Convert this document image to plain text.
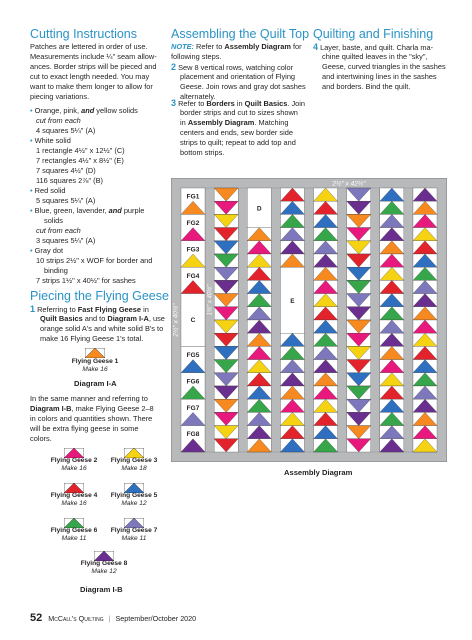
Cutting Instructions
Patches are lettered in order of use.
Measurements include ¼" seam allow-
ances. Border strips will be pieced and
cut to exact length needed. You may
want to make them longer to allow for
piecing variations.
• Orange, pink, and yellow solids
cut from each
4 squares 5¼" (A)
• White solid
1 rectangle 4½" x 12½" (C)
7 rectangles 4½" x 8½" (E)
7 squares 4½" (D)
116 squares 2⅞" (B)
• Red solid
5 squares 5¼" (A)
• Blue, green, lavender, and purple
solids
cut from each
3 squares 5¼" (A)
• Gray dot
10 strips 2½" x WOF for border and
binding
7 strips 1½" x 40½" for sashes
Piecing the Flying Geese
1 Referring to Fast Flying Geese in
Quilt Basics and to Diagram I-A, use
orange solid A's and white solid B's to
make 16 Flying Geese 1's total.
Flying Geese 1
Make 16
Diagram I-A
In the same manner and referring to
Diagram I-B, make Flying Geese 2–8
in colors and quantities shown. There
will be extra flying geese in some
colors.
Flying Geese 2
Make 16
Flying Geese 3
Make 18
Flying Geese 4
Make 16
Flying Geese 5
Make 12
Flying Geese 6
Make 11
Flying Geese 7
Make 11
Flying Geese 8
Make 12
Diagram I-B
Assembling the Quilt Top
NOTE: Refer to Assembly Diagram for
following steps.
2 Sew 8 vertical rows, watching color
placement and orientation of Flying
Geese. Join rows and gray dot sashes
alternately.
3 Refer to Borders in Quilt Basics. Join
border strips and cut to sizes shown
in Assembly Diagram. Matching
centers and ends, sew border side
strips to quilt; repeat to add top and
bottom strips.
Quilting and Finishing
4 Layer, baste, and quilt. Charla ma-
chine quilted leaves in the "sky",
Geese, curved triangles in the sashes
and intertwining lines in the sashes
and borders. Bind the quilt.
FG1
FG2
FG3
FG4
C
FG5
FG6
FG7
FG8
D
E
2½" x 42½"
2½" x 40½"
1½" x 40½"
Assembly Diagram
52 McCall's Quilting | September/October 2020
